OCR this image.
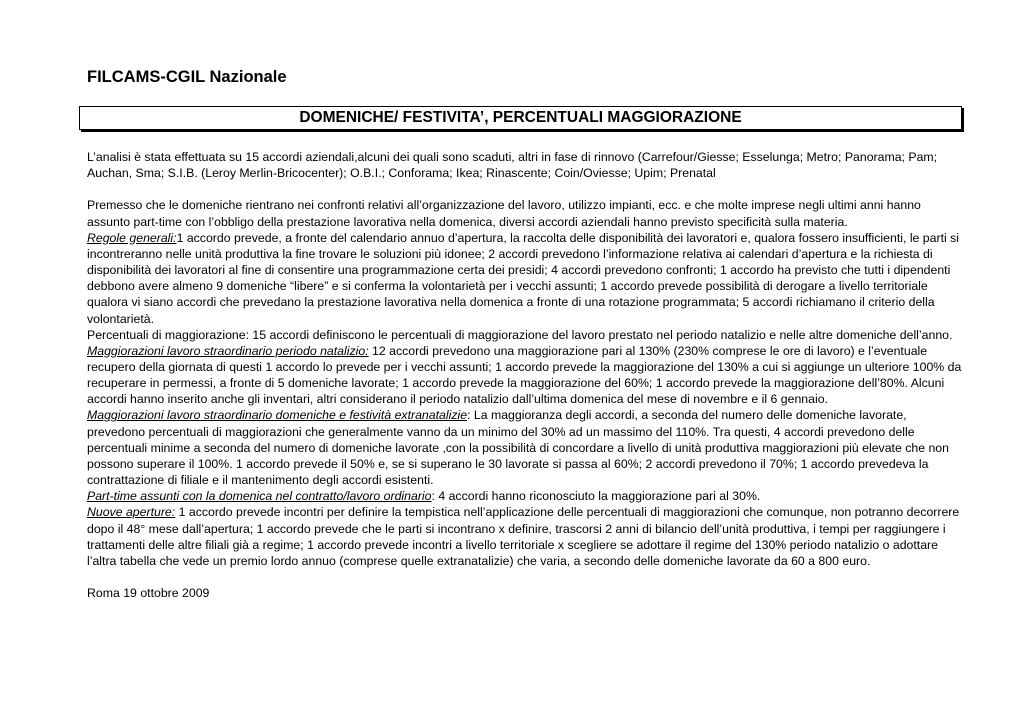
FILCAMS-CGIL Nazionale
DOMENICHE/ FESTIVITA’, PERCENTUALI MAGGIORAZIONE

L’analisi è stata effettuata su 15 accordi aziendali,alcuni dei quali sono scaduti, altri in fase di rinnovo (Carrefour/Giesse; Esselunga; Metro; Panorama; Pam; Auchan, Sma; S.I.B. (Leroy Merlin-Bricocenter); O.B.I.; Conforama; Ikea; Rinascente; Coin/Oviesse; Upim; Prenatal

Premesso che le domeniche rientrano nei confronti relativi all’organizzazione del lavoro, utilizzo impianti, ecc. e che molte imprese negli ultimi anni hanno assunto part-time con l’obbligo della prestazione lavorativa nella domenica, diversi accordi aziendali hanno previsto specificità sulla materia.

Regole generali:1 accordo prevede, a fronte del calendario annuo d’apertura, la raccolta delle disponibilità dei lavoratori e, qualora fossero insufficienti, le parti si incontreranno nelle unità produttiva la fine trovare le soluzioni più idonee; 2 accordi prevedono l’informazione relativa ai calendari d’apertura e la richiesta di disponibilità dei lavoratori al fine di consentire una programmazione certa dei presidi; 4 accordi prevedono confronti; 1 accordo ha previsto che tutti i dipendenti debbono avere almeno 9 domeniche “libere” e si conferma la volontarietà per i vecchi assunti; 1 accordo prevede possibilità di derogare a livello territoriale qualora vi siano accordi che prevedano la prestazione lavorativa nella domenica a fronte di una rotazione programmata; 5 accordi richiamano il criterio della volontarietà.

Percentuali di maggiorazione: 15 accordi definiscono le percentuali di maggiorazione del lavoro prestato nel periodo natalizio e nelle altre domeniche dell’anno.

Maggiorazioni lavoro straordinario periodo natalizio: 12 accordi prevedono una maggiorazione pari al 130% (230% comprese le ore di lavoro) e l’eventuale recupero della giornata di questi 1 accordo lo prevede per i vecchi assunti; 1 accordo prevede la maggiorazione del 130% a cui si aggiunge un ulteriore 100% da recuperare in permessi, a fronte di 5 domeniche lavorate; 1 accordo prevede la maggiorazione del 60%; 1 accordo prevede la maggiorazione dell’80%. Alcuni accordi hanno inserito anche gli inventari, altri considerano il periodo natalizio dall’ultima domenica del mese di novembre e il 6 gennaio.

Maggiorazioni lavoro straordinario domeniche e festività extranatalizie: La maggioranza degli accordi, a seconda del numero delle domeniche lavorate, prevedono percentuali di maggiorazioni che generalmente vanno da un minimo del 30% ad un massimo del 110%. Tra questi, 4 accordi prevedono delle percentuali minime a seconda del numero di domeniche lavorate ,con la possibilità di concordare a livello di unità produttiva maggiorazioni più elevate che non possono superare il 100%. 1 accordo prevede il 50% e, se si superano le 30 lavorate si passa al 60%; 2 accordi prevedono il 70%; 1 accordo prevedeva la contrattazione di filiale e il mantenimento degli accordi esistenti.

Part-time assunti con la domenica nel contratto/lavoro ordinario: 4 accordi hanno riconosciuto la maggiorazione pari al 30%.

Nuove aperture: 1 accordo prevede incontri per definire la tempistica nell’applicazione delle percentuali di maggiorazioni che comunque, non potranno decorrere dopo il 48° mese dall’apertura; 1 accordo prevede che le parti si incontrano x definire, trascorsi 2 anni di bilancio dell’unità produttiva, i tempi per raggiungere i trattamenti delle altre filiali già a regime; 1 accordo prevede incontri a livello territoriale x scegliere se adottare il regime del 130% periodo natalizio o adottare l’altra tabella che vede un premio lordo annuo (comprese quelle extranatalizie) che varia, a secondo delle domeniche lavorate da 60 a 800 euro.

Roma 19 ottobre 2009
